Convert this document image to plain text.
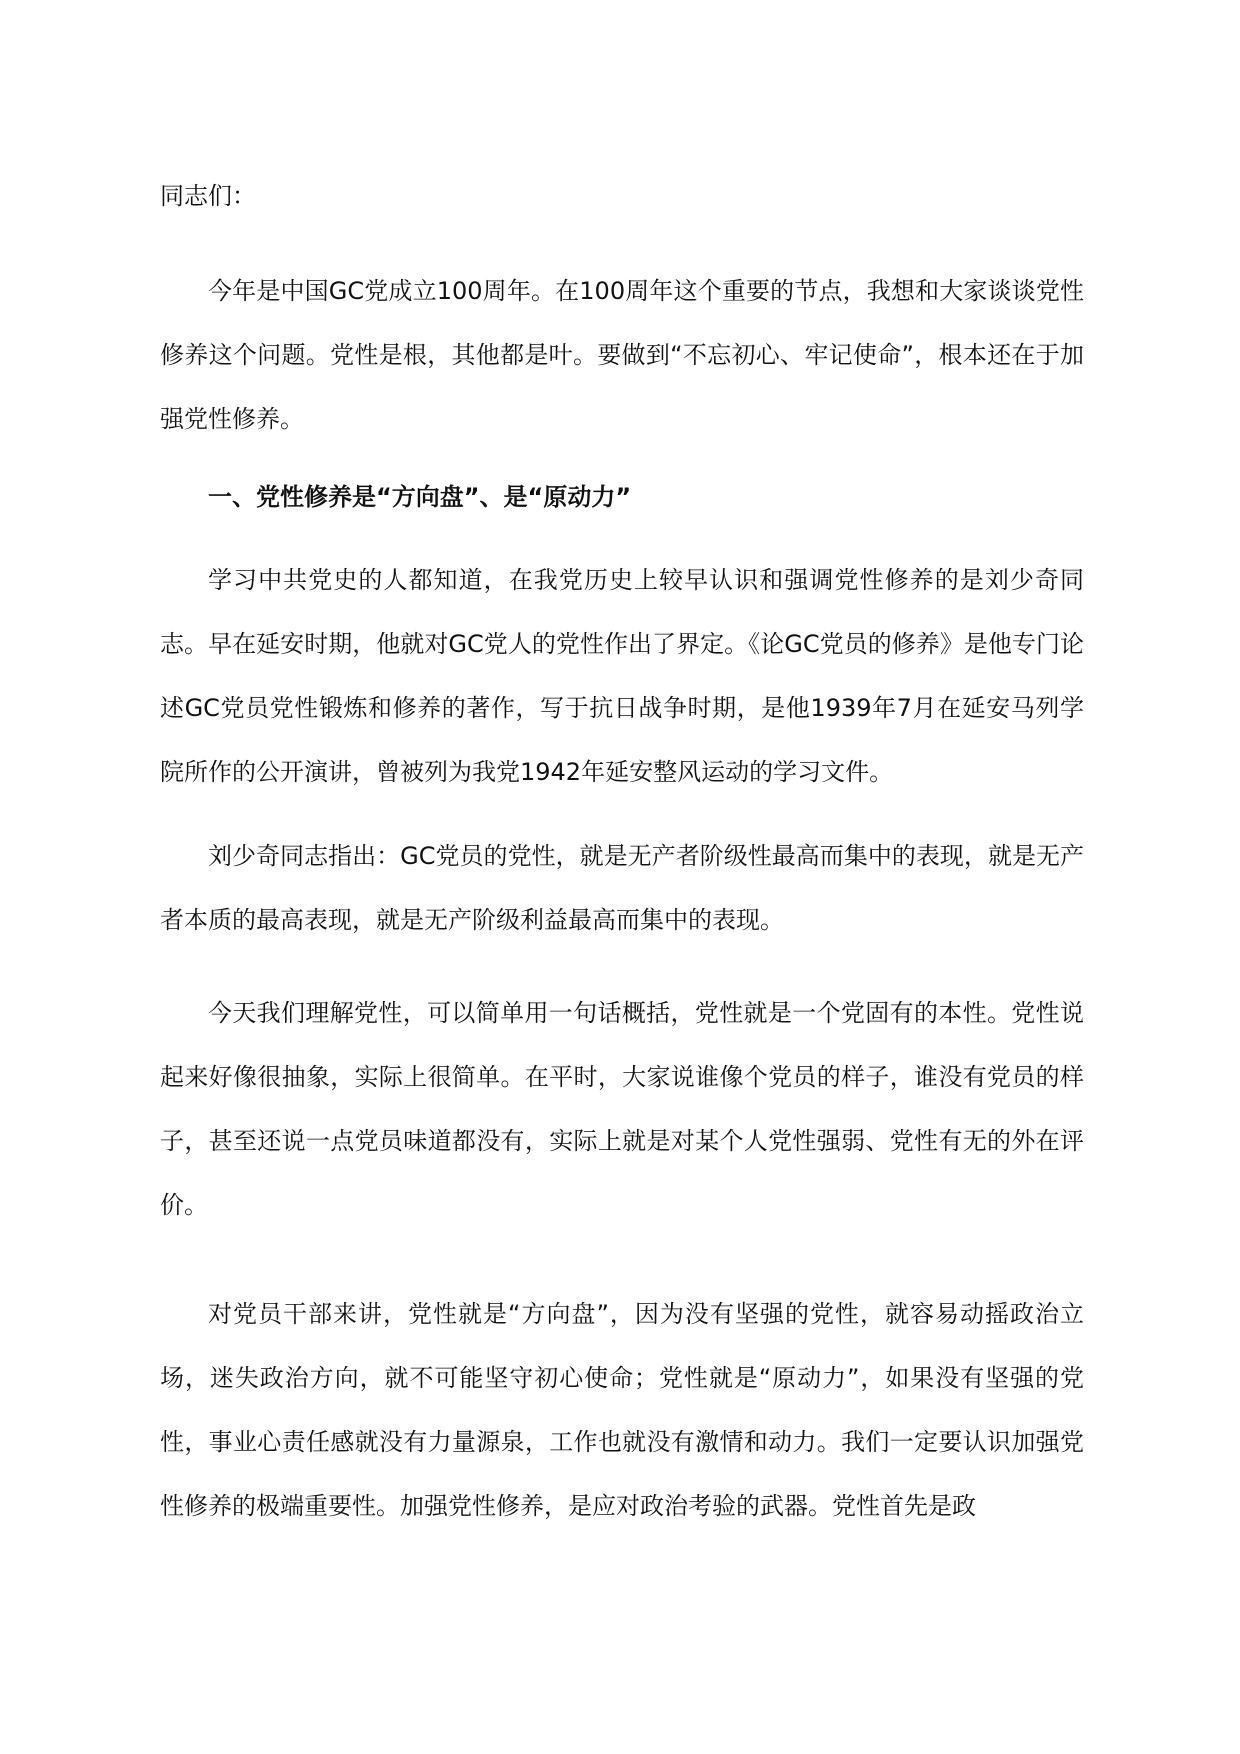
同志们：

今年是中国GC党成立100周年。在100周年这个重要的节点，我想和大家谈谈党性修养这个问题。党性是根，其他都是叶。要做到“不忘初心、牢记使命”，根本还在于加强党性修养。

一、党性修养是“方向盘”、是“原动力”

学习中共党史的人都知道，在我党历史上较早认识和强调党性修养的是刘少奇同志。早在延安时期，他就对GC党人的党性作出了界定。《论GC党员的修养》是他专门论述GC党员党性锻炼和修养的著作，写于抗日战争时期，是他1939年7月在延安马列学院所作的公开演讲，曾被列为我党1942年延安整风运动的学习文件。

刘少奇同志指出：GC党员的党性，就是无产者阶级性最高而集中的表现，就是无产者本质的最高表现，就是无产阶级利益最高而集中的表现。

今天我们理解党性，可以简单用一句话概括，党性就是一个党固有的本性。党性说起来好像很抽象，实际上很简单。在平时，大家说谁像个党员的样子，谁没有党员的样子，甚至还说一点党员味道都没有，实际上就是对某个人党性强弱、党性有无的外在评价。

对党员干部来讲，党性就是“方向盘”，因为没有坚强的党性，就容易动摇政治立场，迷失政治方向，就不可能坚守初心使命；党性就是“原动力”，如果没有坚强的党性，事业心责任感就没有力量源泉，工作也就没有激情和动力。我们一定要认识加强党性修养的极端重要性。加强党性修养，是应对政治考验的武器。党性首先是政
